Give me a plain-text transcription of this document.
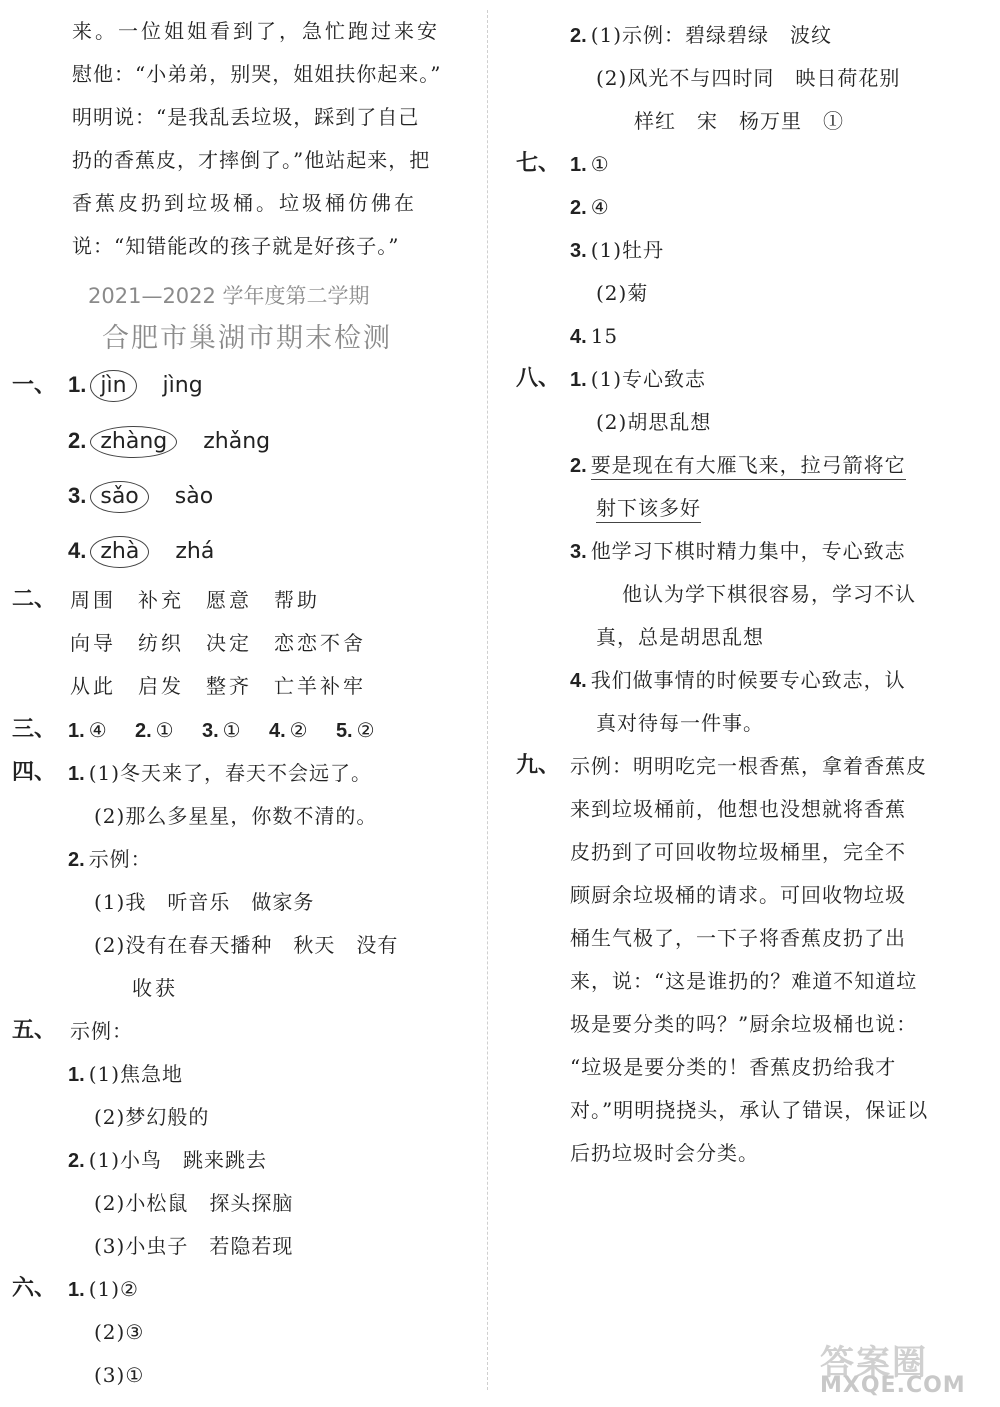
来。一位姐姐看到了，急忙跑过来安
慰他：“小弟弟，别哭，姐姐扶你起来。”
明明说：“是我乱丢垃圾，踩到了自己
扔的香蕉皮，才摔倒了。”他站起来，把
香蕉皮扔到垃圾桶。垃圾桶仿佛在
说：“知错能改的孩子就是好孩子。”
2021—2022 学年度第二学期
合肥市巢湖市期末检测
一、 1. jìn jìng
2. zhàng zhǎng
3. sǎo sào
4. zhà zhá
二、 周围 补充 愿意 帮助
向导 纺织 决定 恋恋不舍
从此 启发 整齐 亡羊补牢
三、 1. ④ 2. ① 3. ① 4. ② 5. ②
四、 1. (1)冬天来了，春天不会远了。
(2)那么多星星，你数不清的。
2. 示例：
(1)我　听音乐　做家务
(2)没有在春天播种　秋天　没有
收获
五、 示例：
1. (1)焦急地
(2)梦幻般的
2. (1)小鸟　跳来跳去
(2)小松鼠　探头探脑
(3)小虫子　若隐若现
六、 1. (1)②
(2)③
(3)①
2. (1)示例：碧绿碧绿　波纹
(2)风光不与四时同　映日荷花别
样红　宋　杨万里　①
七、 1. ①
2. ④
3. (1)牡丹
(2)菊
4. 15
八、 1. (1)专心致志
(2)胡思乱想
2. 要是现在有大雁飞来，拉弓箭将它
射下该多好
3. 他学习下棋时精力集中，专心致志
他认为学下棋很容易，学习不认
真，总是胡思乱想
4. 我们做事情的时候要专心致志，认
真对待每一件事。
九、 示例：明明吃完一根香蕉，拿着香蕉皮
来到垃圾桶前，他想也没想就将香蕉
皮扔到了可回收物垃圾桶里，完全不
顾厨余垃圾桶的请求。可回收物垃圾
桶生气极了，一下子将香蕉皮扔了出
来，说：“这是谁扔的？难道不知道垃
圾是要分类的吗？”厨余垃圾桶也说：
“垃圾是要分类的！香蕉皮扔给我才
对。”明明挠挠头，承认了错误，保证以
后扔垃圾时会分类。
答案圈
MXQE.COM
